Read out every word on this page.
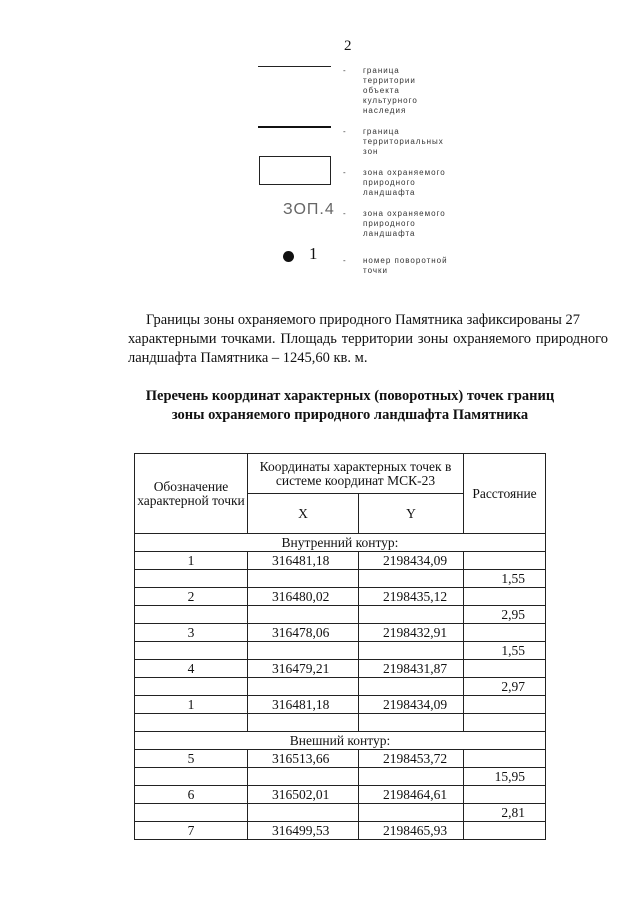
2
- граница
территории
объекта
культурного
наследия
- граница
территориальных
зон
- зона охраняемого
природного
ландшафта
ЗОП.4 - зона охраняемого
природного
ландшафта
1	- номер поворотной
точки
Границы зоны охраняемого природного Памятника зафиксированы 27
характерными точками. Площадь территории зоны охраняемого природного
ландшафта Памятника – 1245,60 кв. м.
Перечень координат характерных (поворотных) точек границ
зоны охраняемого природного ландшафта Памятника
Обозначение характерной точки	Координаты характерных точек в системе координат МСК-23		Расстояние
	X	Y	
Внутренний контур:			
1	316481,18	2198434,09	
			1,55
2	316480,02	2198435,12	
			2,95
3	316478,06	2198432,91	
			1,55
4	316479,21	2198431,87	
			2,97
1	316481,18	2198434,09	

Внешний контур:			
5	316513,66	2198453,72	
			15,95
6	316502,01	2198464,61	
			2,81
7	316499,53	2198465,93	
